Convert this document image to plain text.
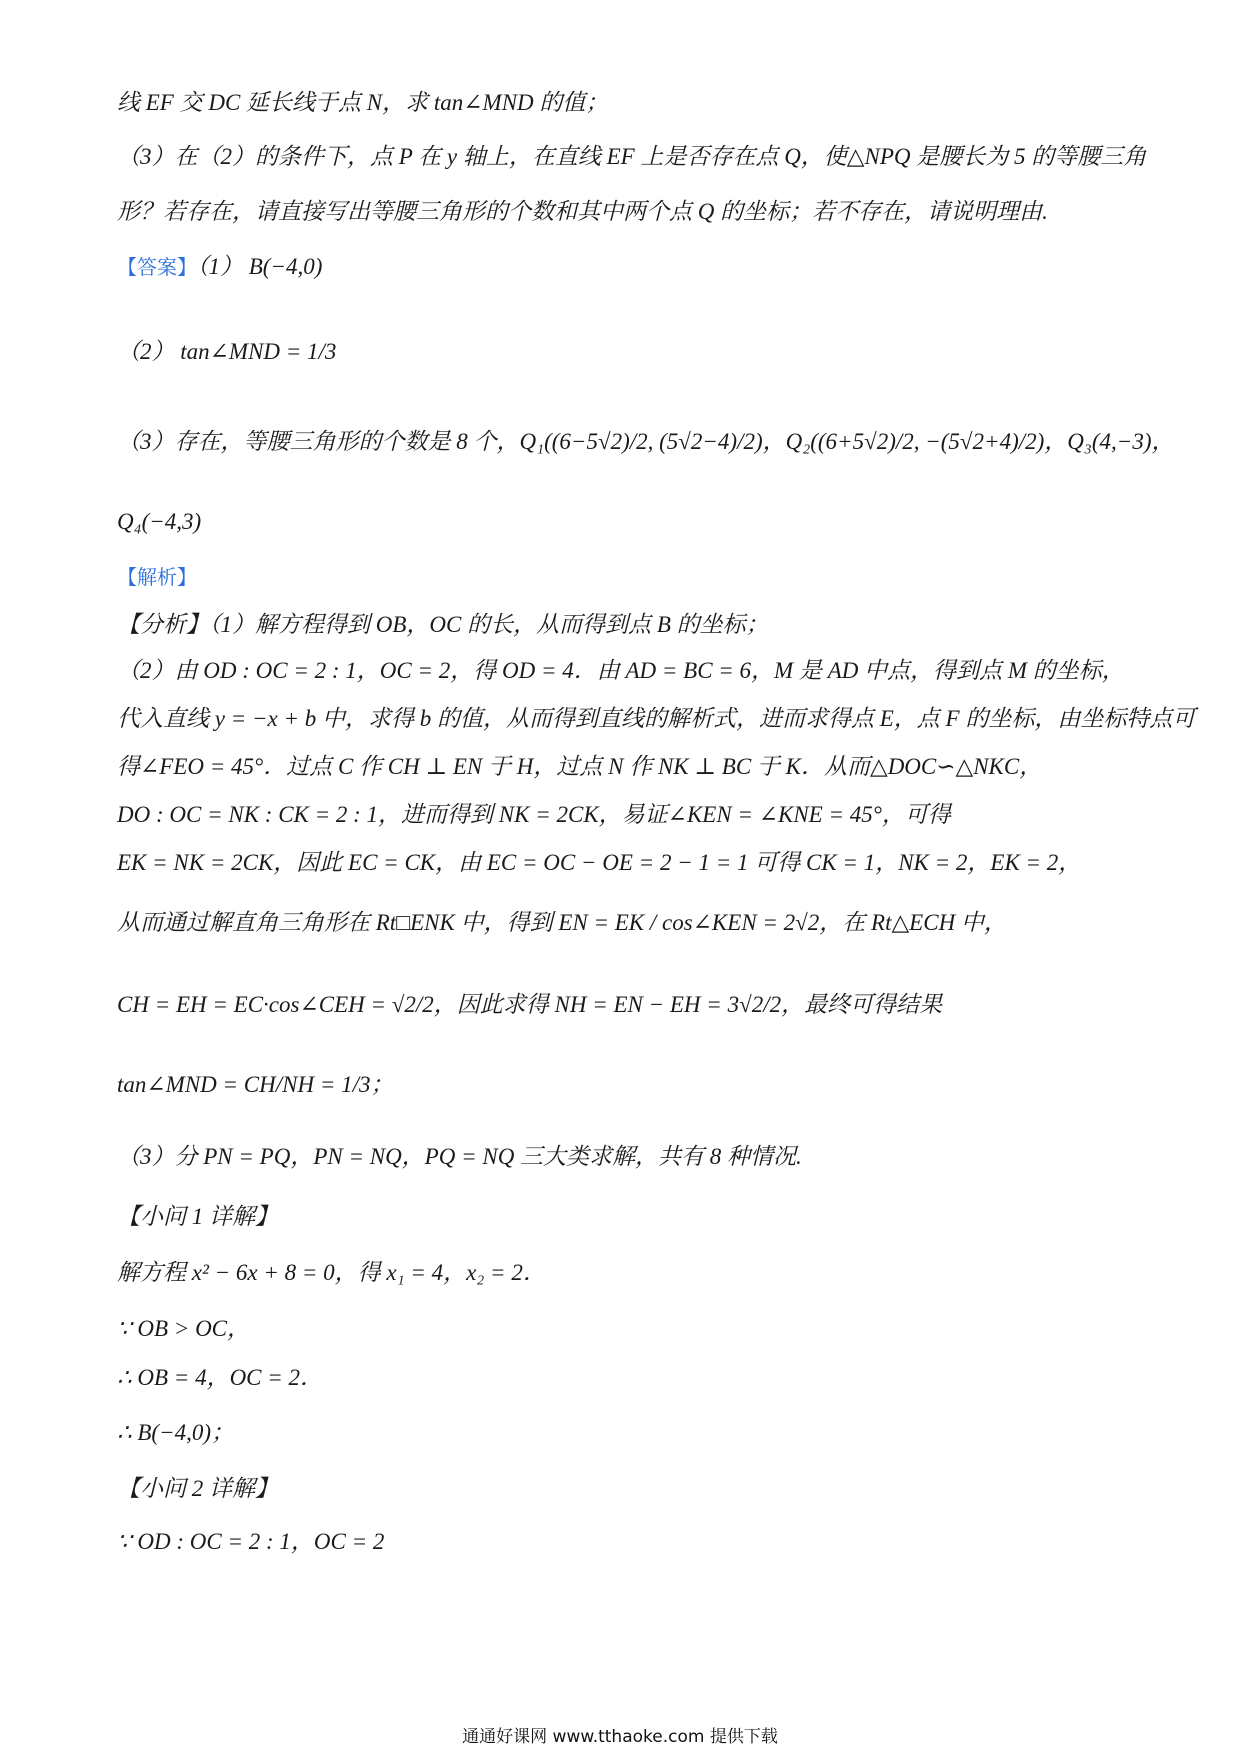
线 EF 交 DC 延长线于点 N，求 tan∠MND 的值；
（3）在（2）的条件下，点 P 在 y 轴上，在直线 EF 上是否存在点 Q，使△NPQ 是腰长为 5 的等腰三角
形？若存在，请直接写出等腰三角形的个数和其中两个点 Q 的坐标；若不存在，请说明理由.
【答案】（1） B(−4,0)
（2） tan∠MND = 1/3
（3）存在，等腰三角形的个数是 8 个，Q₁((6−5√2)/2, (5√2−4)/2)，Q₂((6+5√2)/2, −(5√2+4)/2)，Q₃(4,−3)，
Q₄(−4,3)
【解析】
【分析】（1）解方程得到 OB，OC 的长，从而得到点 B 的坐标；
（2）由 OD : OC = 2 : 1，OC = 2，得 OD = 4．由 AD = BC = 6，M 是 AD 中点，得到点 M 的坐标，
代入直线 y = −x + b 中，求得 b 的值，从而得到直线的解析式，进而求得点 E，点 F 的坐标，由坐标特点可
得∠FEO = 45°．过点 C 作 CH ⊥ EN 于 H，过点 N 作 NK ⊥ BC 于 K．从而△DOC∽△NKC，
DO : OC = NK : CK = 2 : 1，进而得到 NK = 2CK，易证∠KEN = ∠KNE = 45°，可得
EK = NK = 2CK，因此 EC = CK，由 EC = OC − OE = 2 − 1 = 1 可得 CK = 1，NK = 2，EK = 2，
从而通过解直角三角形在 Rt□ENK 中，得到 EN = EK / cos∠KEN = 2√2，在 Rt△ECH 中，
CH = EH = EC·cos∠CEH = √2/2，因此求得 NH = EN − EH = 3√2/2，最终可得结果
tan∠MND = CH/NH = 1/3；
（3）分 PN = PQ，PN = NQ，PQ = NQ 三大类求解，共有 8 种情况.
【小问 1 详解】
解方程 x² − 6x + 8 = 0，得 x₁ = 4，x₂ = 2．
∵ OB > OC，
∴ OB = 4，OC = 2．
∴ B(−4,0)；
【小问 2 详解】
∵ OD : OC = 2 : 1，OC = 2
通通好课网 www.tthaoke.com 提供下载
